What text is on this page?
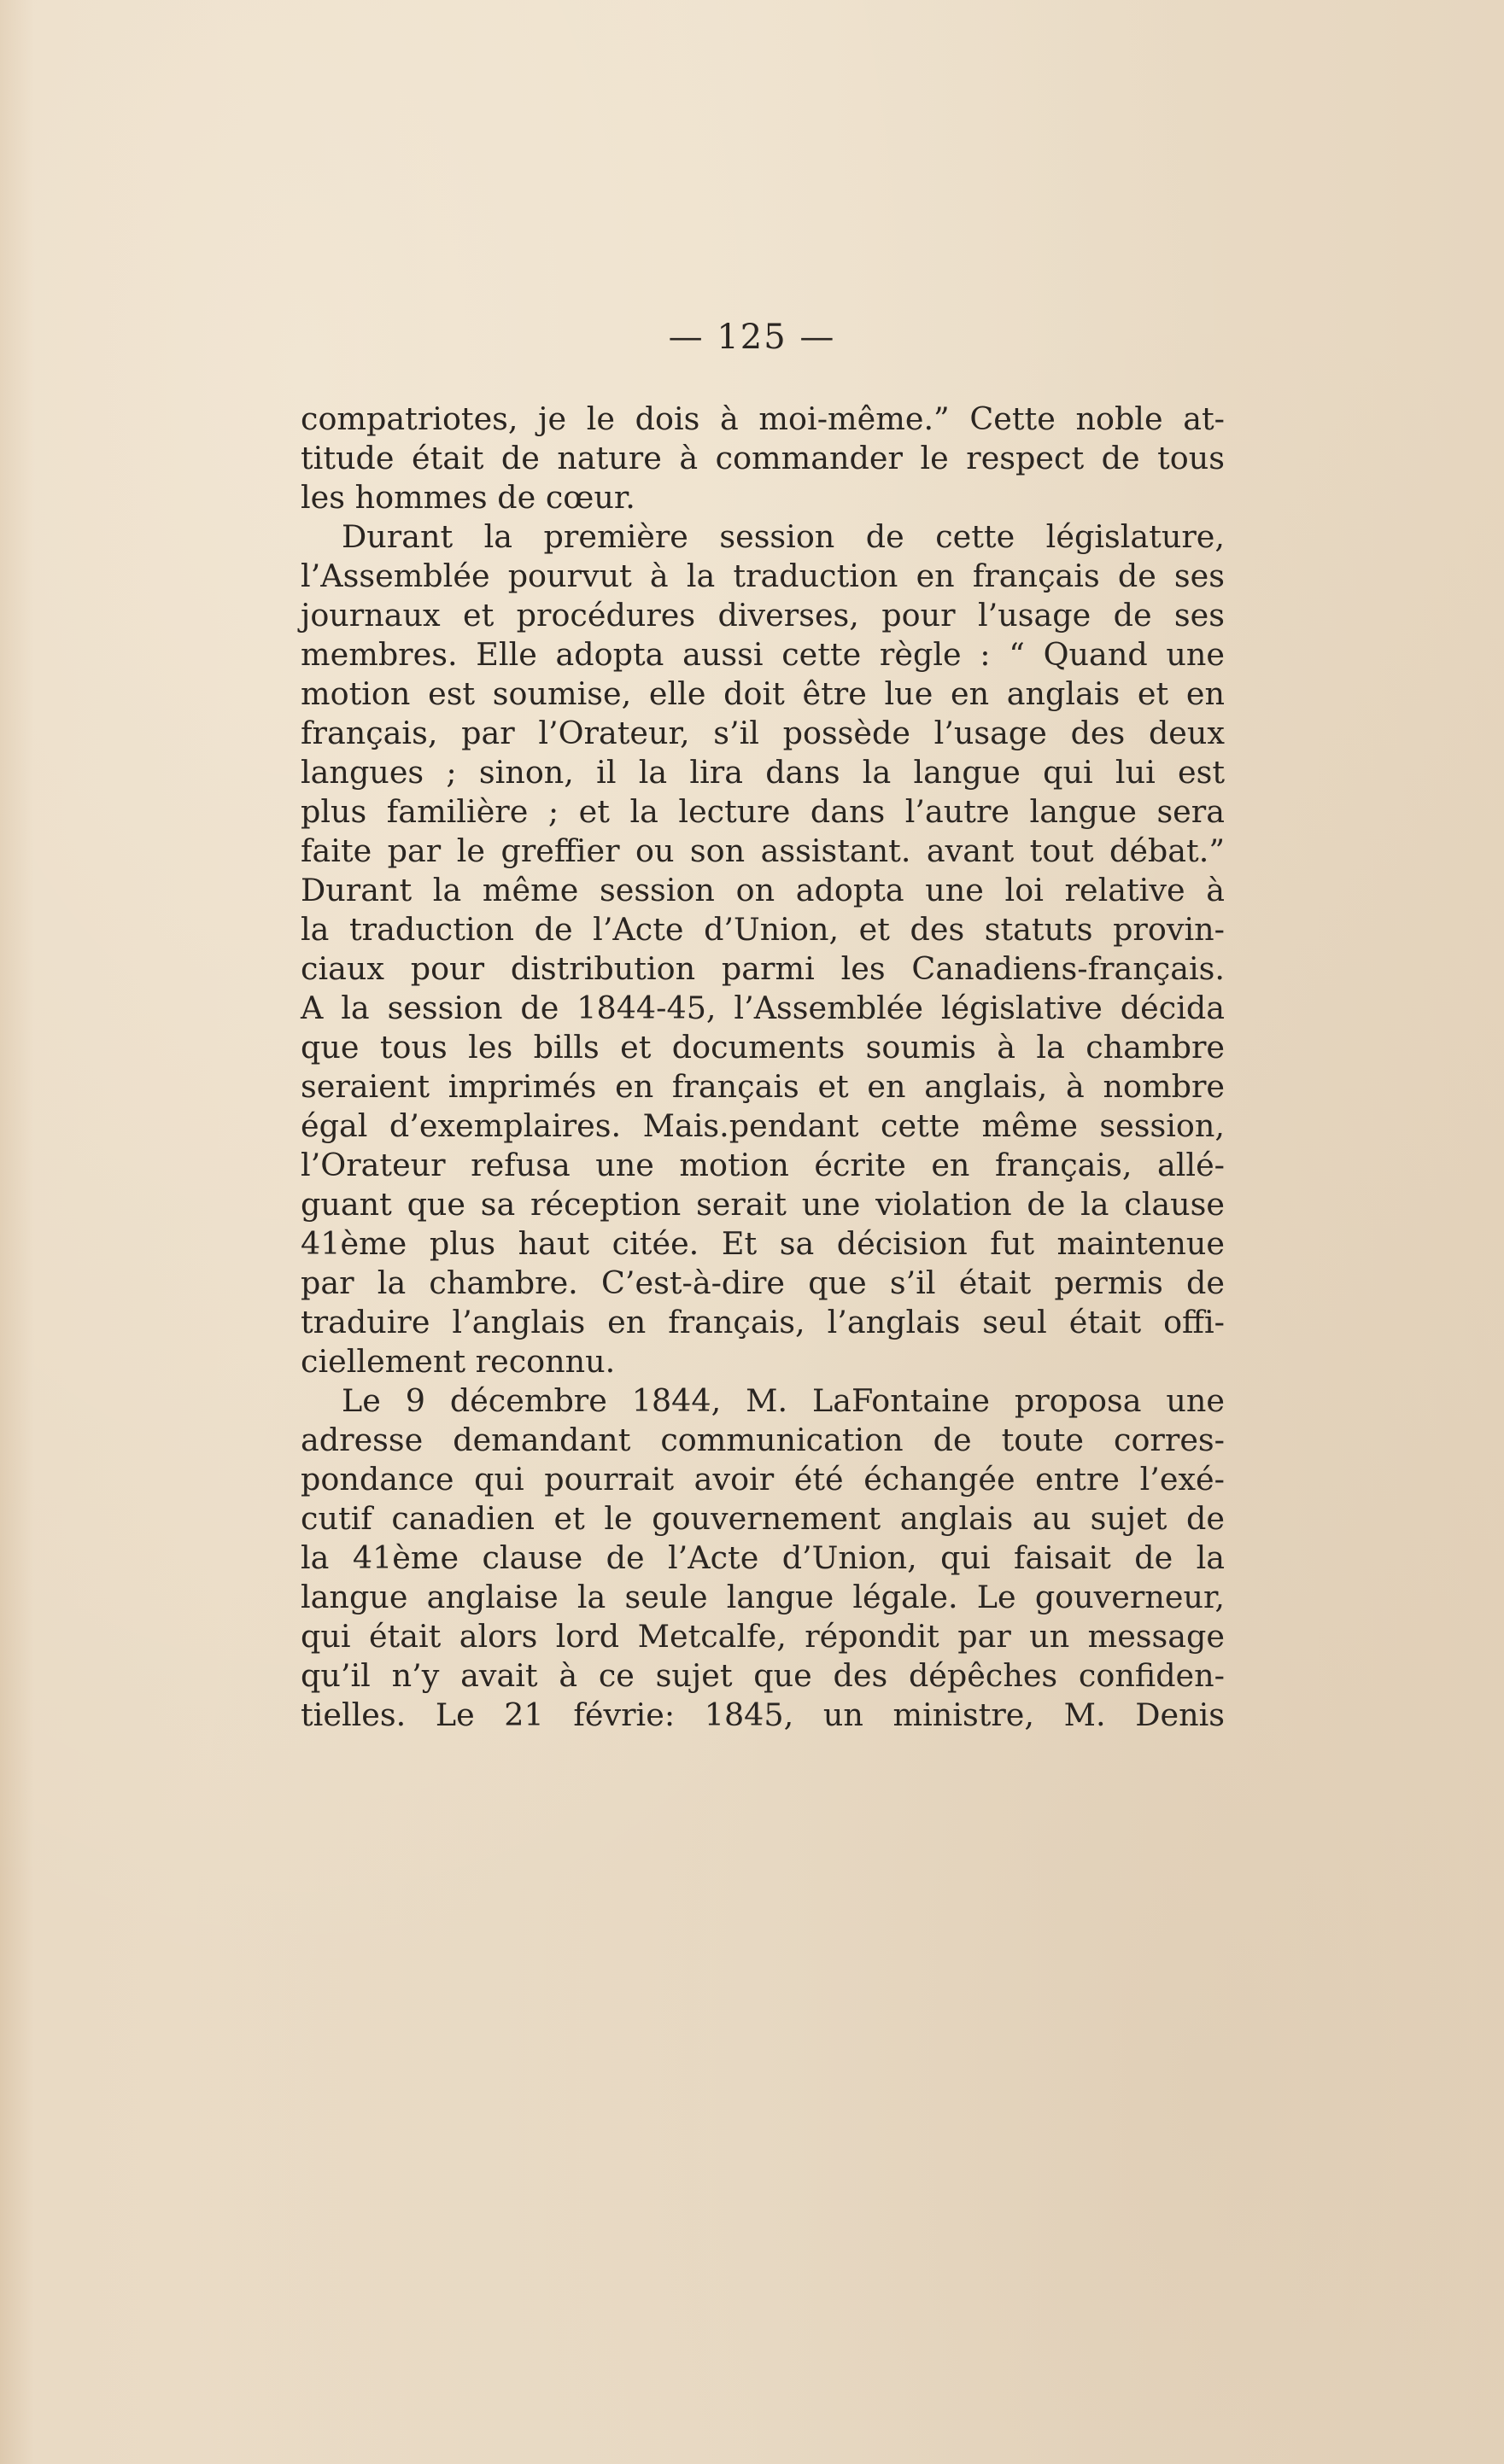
— 125 —
compatriotes, je le dois à moi-même.” Cette noble at-
titude était de nature à commander le respect de tous
les hommes de cœur.
Durant la première session de cette législature,
l’Assemblée pourvut à la traduction en français de ses
journaux et procédures diverses, pour l’usage de ses
membres. Elle adopta aussi cette règle : “ Quand une
motion est soumise, elle doit être lue en anglais et en
français, par l’Orateur, s’il possède l’usage des deux
langues ; sinon, il la lira dans la langue qui lui est
plus familière ; et la lecture dans l’autre langue sera
faite par le greffier ou son assistant. avant tout débat.”
Durant la même session on adopta une loi relative à
la traduction de l’Acte d’Union, et des statuts provin-
ciaux pour distribution parmi les Canadiens-français.
A la session de 1844-45, l’Assemblée législative décida
que tous les bills et documents soumis à la chambre
seraient imprimés en français et en anglais, à nombre
égal d’exemplaires. Mais.pendant cette même session,
l’Orateur refusa une motion écrite en français, allé-
guant que sa réception serait une violation de la clause
41ème plus haut citée. Et sa décision fut maintenue
par la chambre. C’est-à-dire que s’il était permis de
traduire l’anglais en français, l’anglais seul était offi-
ciellement reconnu.
Le 9 décembre 1844, M. LaFontaine proposa une
adresse demandant communication de toute corres-
pondance qui pourrait avoir été échangée entre l’exé-
cutif canadien et le gouvernement anglais au sujet de
la 41ème clause de l’Acte d’Union, qui faisait de la
langue anglaise la seule langue légale. Le gouverneur,
qui était alors lord Metcalfe, répondit par un message
qu’il n’y avait à ce sujet que des dépêches confiden-
tielles. Le 21 févrie: 1845, un ministre, M. Denis
